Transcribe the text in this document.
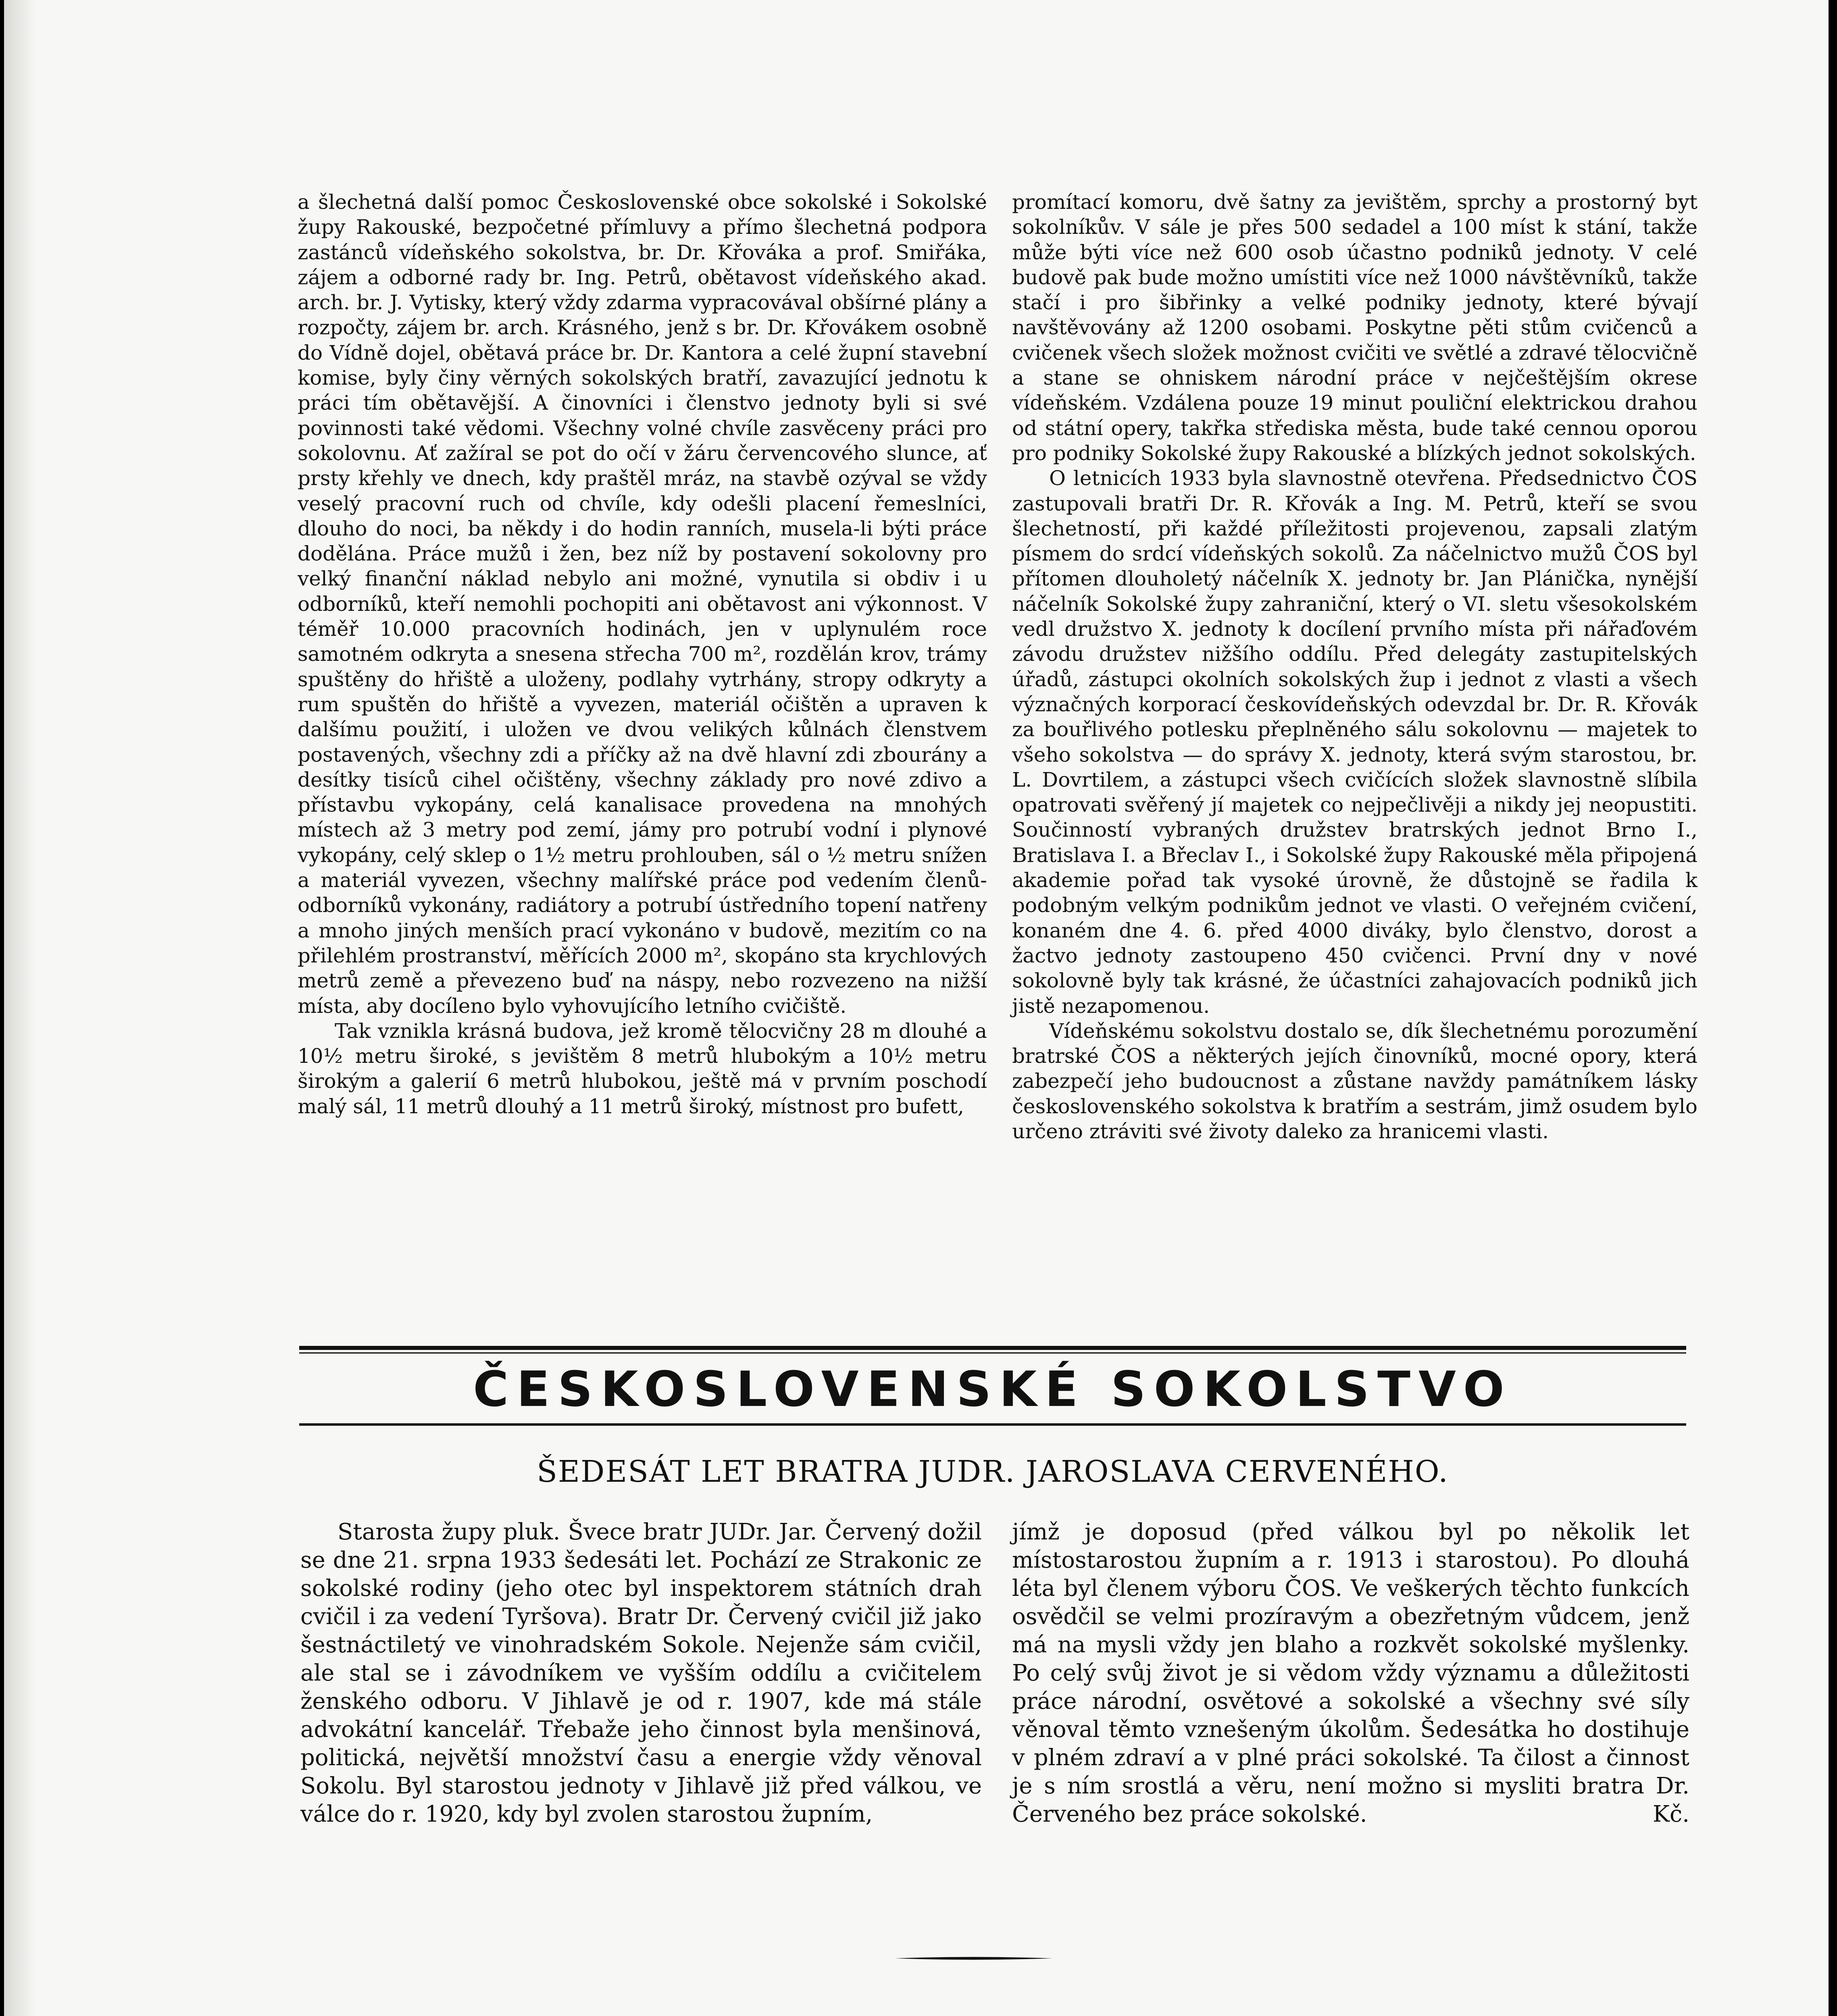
a šlechetná další pomoc Československé obce sokolské i Sokolské župy Rakouské, bezpočetné přímluvy a přímo šlechetná podpora zastánců vídeňského sokolstva, br. Dr. Křováka a prof. Smiřáka, zájem a odborné rady br. Ing. Petrů, obětavost vídeňského akad. arch. br. J. Vytisky, který vždy zdarma vypracovával obšírné plány a rozpočty, zájem br. arch. Krásného, jenž s br. Dr. Křovákem osobně do Vídně dojel, obětavá práce br. Dr. Kantora a celé župní stavební komise, byly činy věrných sokolských bratří, zavazující jednotu k práci tím obětavější. A činovníci i členstvo jednoty byli si své povinnosti také vědomi. Všechny volné chvíle zasvěceny práci pro sokolovnu. Ať zažíral se pot do očí v žáru červencového slunce, ať prsty křehly ve dnech, kdy praštěl mráz, na stavbě ozýval se vždy veselý pracovní ruch od chvíle, kdy odešli placení řemeslníci, dlouho do noci, ba někdy i do hodin ranních, musela-li býti práce dodělána. Práce mužů i žen, bez níž by postavení sokolovny pro velký finanční náklad nebylo ani možné, vynutila si obdiv i u odborníků, kteří nemohli pochopiti ani obětavost ani výkonnost. V téměř 10.000 pracovních hodinách, jen v uplynulém roce samotném odkryta a snesena střecha 700 m², rozdělán krov, trámy spuštěny do hřiště a uloženy, podlahy vytrhány, stropy odkryty a rum spuštěn do hřiště a vyvezen, materiál očištěn a upraven k dalšímu použití, i uložen ve dvou velikých kůlnách členstvem postavených, všechny zdi a příčky až na dvě hlavní zdi zbourány a desítky tisíců cihel očištěny, všechny základy pro nové zdivo a přístavbu vykopány, celá kanalisace provedena na mnohých místech až 3 metry pod zemí, jámy pro potrubí vodní i plynové vykopány, celý sklep o 1½ metru prohlouben, sál o ½ metru snížen a materiál vyvezen, všechny malířské práce pod vedením členů-odborníků vykonány, radiátory a potrubí ústředního topení natřeny a mnoho jiných menších prací vykonáno v budově, mezitím co na přilehlém prostranství, měřících 2000 m², skopáno sta krychlových metrů země a převezeno buď na náspy, nebo rozvezeno na nižší místa, aby docíleno bylo vyhovujícího letního cvičiště.

Tak vznikla krásná budova, jež kromě tělocvičny 28 m dlouhé a 10½ metru široké, s jevištěm 8 metrů hlubokým a 10½ metru širokým a galerií 6 metrů hlubokou, ještě má v prvním poschodí malý sál, 11 metrů dlouhý a 11 metrů široký, místnost pro bufett,

promítací komoru, dvě šatny za jevištěm, sprchy a prostorný byt sokolníkův. V sále je přes 500 sedadel a 100 míst k stání, takže může býti více než 600 osob účastno podniků jednoty. V celé budově pak bude možno umístiti více než 1000 návštěvníků, takže stačí i pro šibřinky a velké podniky jednoty, které bývají navštěvovány až 1200 osobami. Poskytne pěti stům cvičenců a cvičenek všech složek možnost cvičiti ve světlé a zdravé tělocvičně a stane se ohniskem národní práce v nejčeštějším okrese vídeňském. Vzdálena pouze 19 minut pouliční elektrickou drahou od státní opery, takřka střediska města, bude také cennou oporou pro podniky Sokolské župy Rakouské a blízkých jednot sokolských.

O letnicích 1933 byla slavnostně otevřena. Předsednictvo ČOS zastupovali bratři Dr. R. Křovák a Ing. M. Petrů, kteří se svou šlechetností, při každé příležitosti projevenou, zapsali zlatým písmem do srdcí vídeňských sokolů. Za náčelnictvo mužů ČOS byl přítomen dlouholetý náčelník X. jednoty br. Jan Plánička, nynější náčelník Sokolské župy zahraniční, který o VI. sletu všesokolském vedl družstvo X. jednoty k docílení prvního místa při nářaďovém závodu družstev nižšího oddílu. Před delegáty zastupitelských úřadů, zástupci okolních sokolských žup i jednot z vlasti a všech význačných korporací českovídeňských odevzdal br. Dr. R. Křovák za bouřlivého potlesku přeplněného sálu sokolovnu — majetek to všeho sokolstva — do správy X. jednoty, která svým starostou, br. L. Dovrtilem, a zástupci všech cvičících složek slavnostně slíbila opatrovati svěřený jí majetek co nejpečlivěji a nikdy jej neopustiti. Součinností vybraných družstev bratrských jednot Brno I., Bratislava I. a Břeclav I., i Sokolské župy Rakouské měla připojená akademie pořad tak vysoké úrovně, že důstojně se řadila k podobným velkým podnikům jednot ve vlasti. O veřejném cvičení, konaném dne 4. 6. před 4000 diváky, bylo členstvo, dorost a žactvo jednoty zastoupeno 450 cvičenci. První dny v nové sokolovně byly tak krásné, že účastníci zahajovacích podniků jich jistě nezapomenou.

Vídeňskému sokolstvu dostalo se, dík šlechetnému porozumění bratrské ČOS a některých jejích činovníků, mocné opory, která zabezpečí jeho budoucnost a zůstane navždy památníkem lásky československého sokolstva k bratřím a sestrám, jimž osudem bylo určeno ztráviti své životy daleko za hranicemi vlasti.

ČESKOSLOVENSKÉ SOKOLSTVO
ŠEDESÁT LET BRATRA JUDR. JAROSLAVA CERVENÉHO.

Starosta župy pluk. Švece bratr JUDr. Jar. Červený dožil se dne 21. srpna 1933 šedesáti let. Pochází ze Strakonic ze sokolské rodiny (jeho otec byl inspektorem státních drah cvičil i za vedení Tyršova). Bratr Dr. Červený cvičil již jako šestnáctiletý ve vinohradském Sokole. Nejenže sám cvičil, ale stal se i závodníkem ve vyšším oddílu a cvičitelem ženského odboru. V Jihlavě je od r. 1907, kde má stále advokátní kancelář. Třebaže jeho činnost byla menšinová, politická, největší množství času a energie vždy věnoval Sokolu. Byl starostou jednoty v Jihlavě již před válkou, ve válce do r. 1920, kdy byl zvolen starostou župním,

jímž je doposud (před válkou byl po několik let místostarostou župním a r. 1913 i starostou). Po dlouhá léta byl členem výboru ČOS. Ve veškerých těchto funkcích osvědčil se velmi prozíravým a obezřetným vůdcem, jenž má na mysli vždy jen blaho a rozkvět sokolské myšlenky. Po celý svůj život je si vědom vždy významu a důležitosti práce národní, osvětové a sokolské a všechny své síly věnoval těmto vznešeným úkolům. Šedesátka ho dostihuje v plném zdraví a v plné práci sokolské. Ta čilost a činnost je s ním srostlá a věru, není možno si mysliti bratra Dr. Červeného bez práce sokolské.	Kč.
